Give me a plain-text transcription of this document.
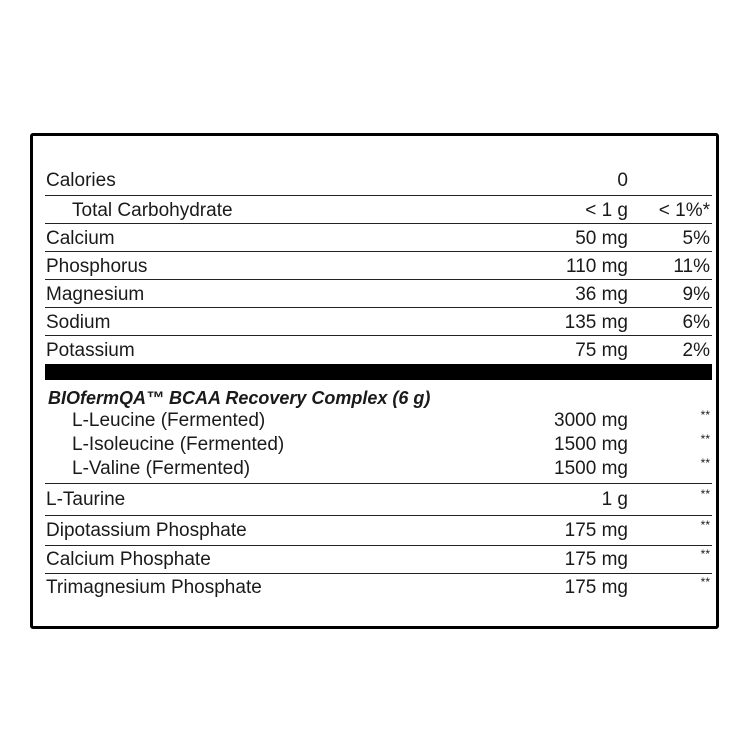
Calories	0
Total Carbohydrate	< 1 g < 1%*
Calcium	50 mg	5%
Phosphorus	110 mg 11%
Magnesium	36 mg	9%
Sodium	135 mg	6%
Potassium	75 mg	2%
BIOfermQA™ BCAA Recovery Complex (6 g)
L-Leucine (Fermented)	3000 mg	**
L-Isoleucine (Fermented)	1500 mg	**
L-Valine (Fermented)	1500 mg	**
L-Taurine	1 g	**
Dipotassium Phosphate	175 mg	**
Calcium Phosphate	175 mg	**
Trimagnesium Phosphate	175 mg	**
